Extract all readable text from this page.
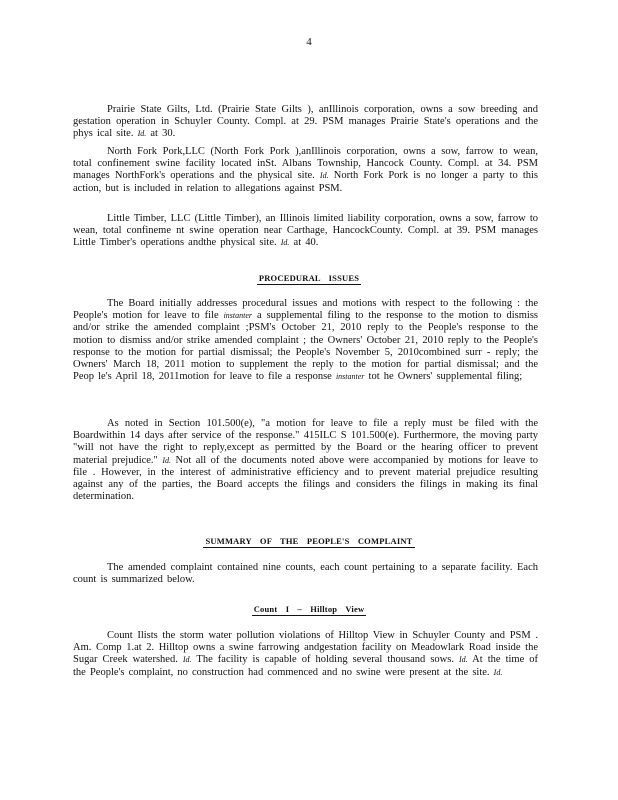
4

Prairie State Gilts, Ltd. (Prairie State Gilts ), anIllinois corporation, owns a sow breeding and gestation operation in Schuyler County. Compl. at 29. PSM manages Prairie State's operations and the phys ical site. Id. at 30.

North Fork Pork,LLC (North Fork Pork ),anIllinois corporation, owns a sow, farrow to wean, total confinement swine facility located inSt. Albans Township, Hancock County. Compl. at 34. PSM manages NorthFork's operations and the physical site. Id. North Fork Pork is no longer a party to this action, but is included in relation to allegations against PSM.

Little Timber, LLC (Little Timber), an Illinois limited liability corporation, owns a sow, farrow to wean, total confineme nt swine operation near Carthage, HancockCounty. Compl. at 39. PSM manages Little Timber's operations andthe physical site. Id. at 40.

PROCEDURAL ISSUES

The Board initially addresses procedural issues and motions with respect to the following : the People's motion for leave to file instanter a supplemental filing to the response to the motion to dismiss and/or strike the amended complaint ;PSM's October 21, 2010 reply to the People's response to the motion to dismiss and/or strike amended complaint ; the Owners' October 21, 2010 reply to the People's response to the motion for partial dismissal; the People's November 5, 2010combined surr - reply; the Owners' March 18, 2011 motion to supplement the reply to the motion for partial dismissal; and the Peop le's April 18, 2011motion for leave to file a response instanter tot he Owners' supplemental filing;

As noted in Section 101.500(e), "a motion for leave to file a reply must be filed with the Boardwithin 14 days after service of the response." 415ILC S 101.500(e). Furthermore, the moving party "will not have the right to reply,except as permitted by the Board or the hearing officer to prevent material prejudice." Id. Not all of the documents noted above were accompanied by motions for leave to file . However, in the interest of administrative efficiency and to prevent material prejudice resulting against any of the parties, the Board accepts the filings and considers the filings in making its final determination.

SUMMARY OF THE PEOPLE'S COMPLAINT

The amended complaint contained nine counts, each count pertaining to a separate facility. Each count is summarized below.

Count I – Hilltop View

Count Ilists the storm water pollution violations of Hilltop View in Schuyler County and PSM . Am. Comp 1.at 2. Hilltop owns a swine farrowing andgestation facility on Meadowlark Road inside the Sugar Creek watershed. Id. The facility is capable of holding several thousand sows. Id. At the time of the People's complaint, no construction had commenced and no swine were present at the site. Id.
